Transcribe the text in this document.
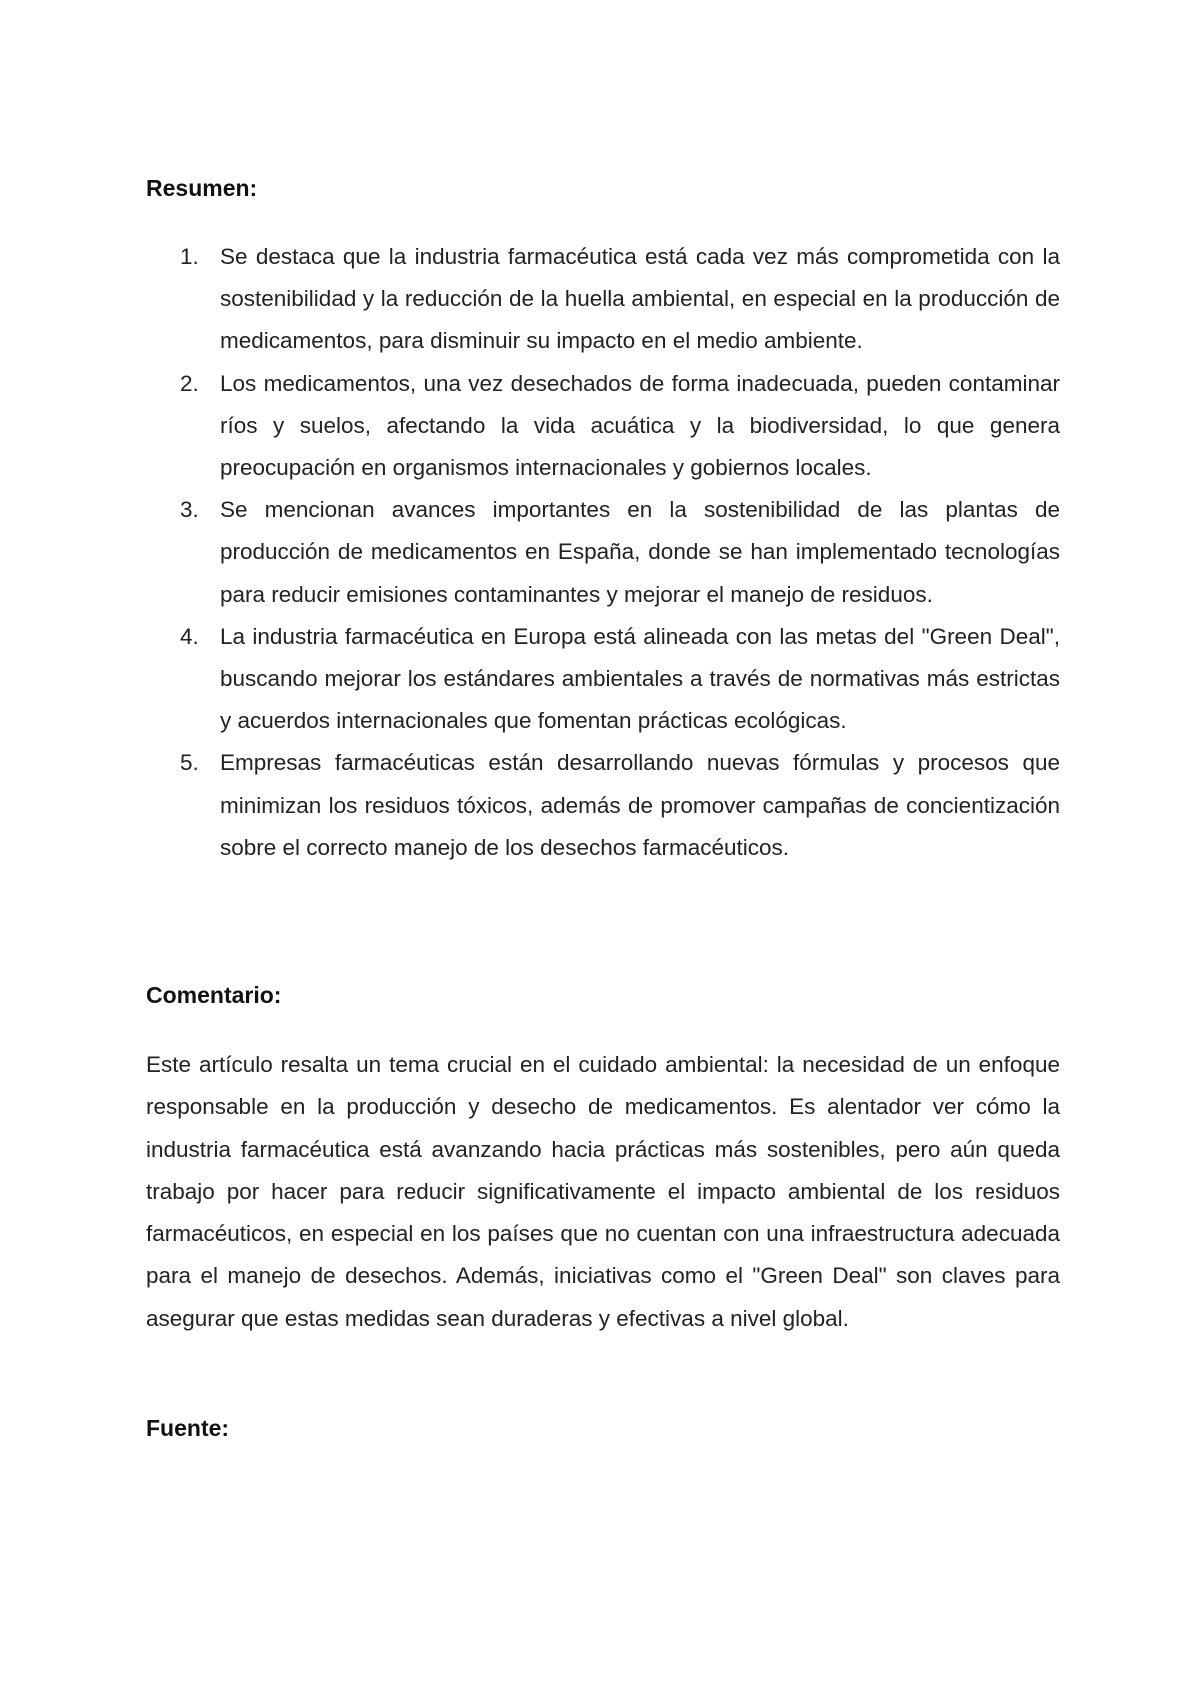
Resumen:
1. Se destaca que la industria farmacéutica está cada vez más comprometida con la sostenibilidad y la reducción de la huella ambiental, en especial en la producción de medicamentos, para disminuir su impacto en el medio ambiente.
2. Los medicamentos, una vez desechados de forma inadecuada, pueden contaminar ríos y suelos, afectando la vida acuática y la biodiversidad, lo que genera preocupación en organismos internacionales y gobiernos locales.
3. Se mencionan avances importantes en la sostenibilidad de las plantas de producción de medicamentos en España, donde se han implementado tecnologías para reducir emisiones contaminantes y mejorar el manejo de residuos.
4. La industria farmacéutica en Europa está alineada con las metas del "Green Deal", buscando mejorar los estándares ambientales a través de normativas más estrictas y acuerdos internacionales que fomentan prácticas ecológicas.
5. Empresas farmacéuticas están desarrollando nuevas fórmulas y procesos que minimizan los residuos tóxicos, además de promover campañas de concientización sobre el correcto manejo de los desechos farmacéuticos.
Comentario:

Este artículo resalta un tema crucial en el cuidado ambiental: la necesidad de un enfoque responsable en la producción y desecho de medicamentos. Es alentador ver cómo la industria farmacéutica está avanzando hacia prácticas más sostenibles, pero aún queda trabajo por hacer para reducir significativamente el impacto ambiental de los residuos farmacéuticos, en especial en los países que no cuentan con una infraestructura adecuada para el manejo de desechos. Además, iniciativas como el "Green Deal" son claves para asegurar que estas medidas sean duraderas y efectivas a nivel global.

Fuente:
